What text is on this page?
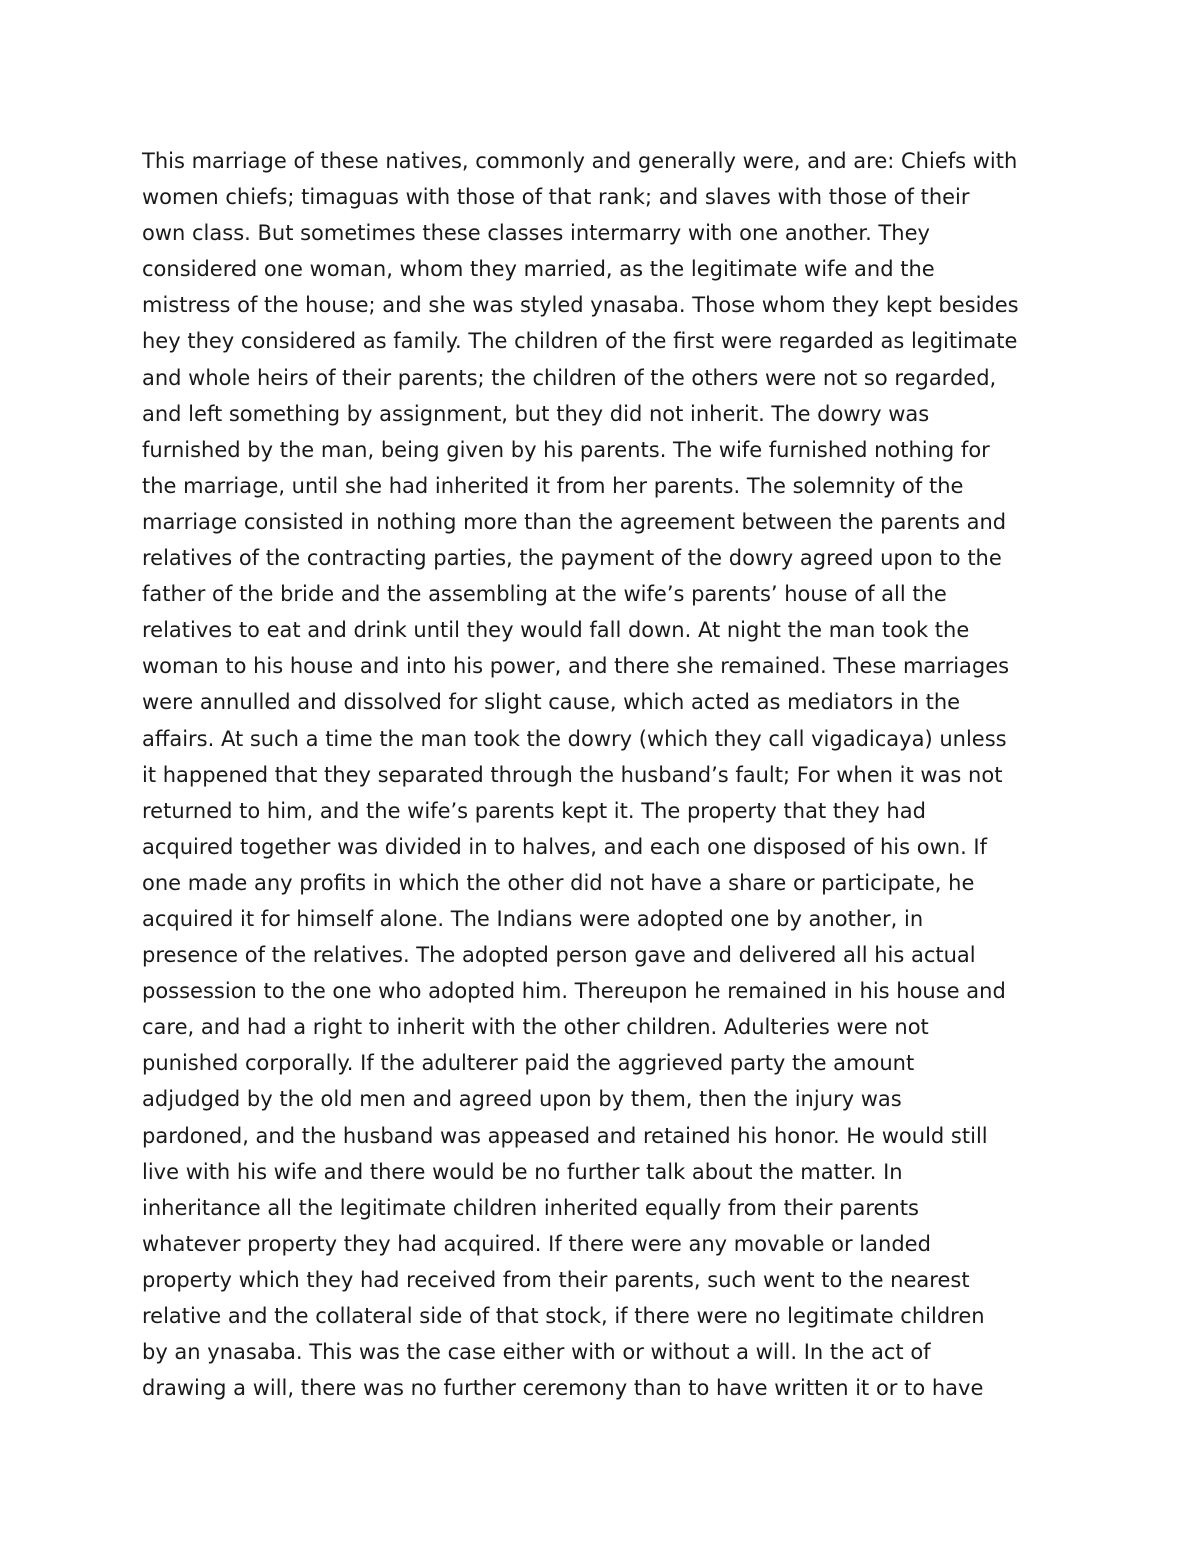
This marriage of these natives, commonly and generally were, and are: Chiefs with
women chiefs; timaguas with those of that rank; and slaves with those of their
own class. But sometimes these classes intermarry with one another. They
considered one woman, whom they married, as the legitimate wife and the
mistress of the house; and she was styled ynasaba. Those whom they kept besides
hey they considered as family. The children of the first were regarded as legitimate
and whole heirs of their parents; the children of the others were not so regarded,
and left something by assignment, but they did not inherit. The dowry was
furnished by the man, being given by his parents. The wife furnished nothing for
the marriage, until she had inherited it from her parents. The solemnity of the
marriage consisted in nothing more than the agreement between the parents and
relatives of the contracting parties, the payment of the dowry agreed upon to the
father of the bride and the assembling at the wife’s parents’ house of all the
relatives to eat and drink until they would fall down. At night the man took the
woman to his house and into his power, and there she remained. These marriages
were annulled and dissolved for slight cause, which acted as mediators in the
affairs. At such a time the man took the dowry (which they call vigadicaya) unless
it happened that they separated through the husband’s fault; For when it was not
returned to him, and the wife’s parents kept it. The property that they had
acquired together was divided in to halves, and each one disposed of his own. If
one made any profits in which the other did not have a share or participate, he
acquired it for himself alone. The Indians were adopted one by another, in
presence of the relatives. The adopted person gave and delivered all his actual
possession to the one who adopted him. Thereupon he remained in his house and
care, and had a right to inherit with the other children. Adulteries were not
punished corporally. If the adulterer paid the aggrieved party the amount
adjudged by the old men and agreed upon by them, then the injury was
pardoned, and the husband was appeased and retained his honor. He would still
live with his wife and there would be no further talk about the matter. In
inheritance all the legitimate children inherited equally from their parents
whatever property they had acquired. If there were any movable or landed
property which they had received from their parents, such went to the nearest
relative and the collateral side of that stock, if there were no legitimate children
by an ynasaba. This was the case either with or without a will. In the act of
drawing a will, there was no further ceremony than to have written it or to have
